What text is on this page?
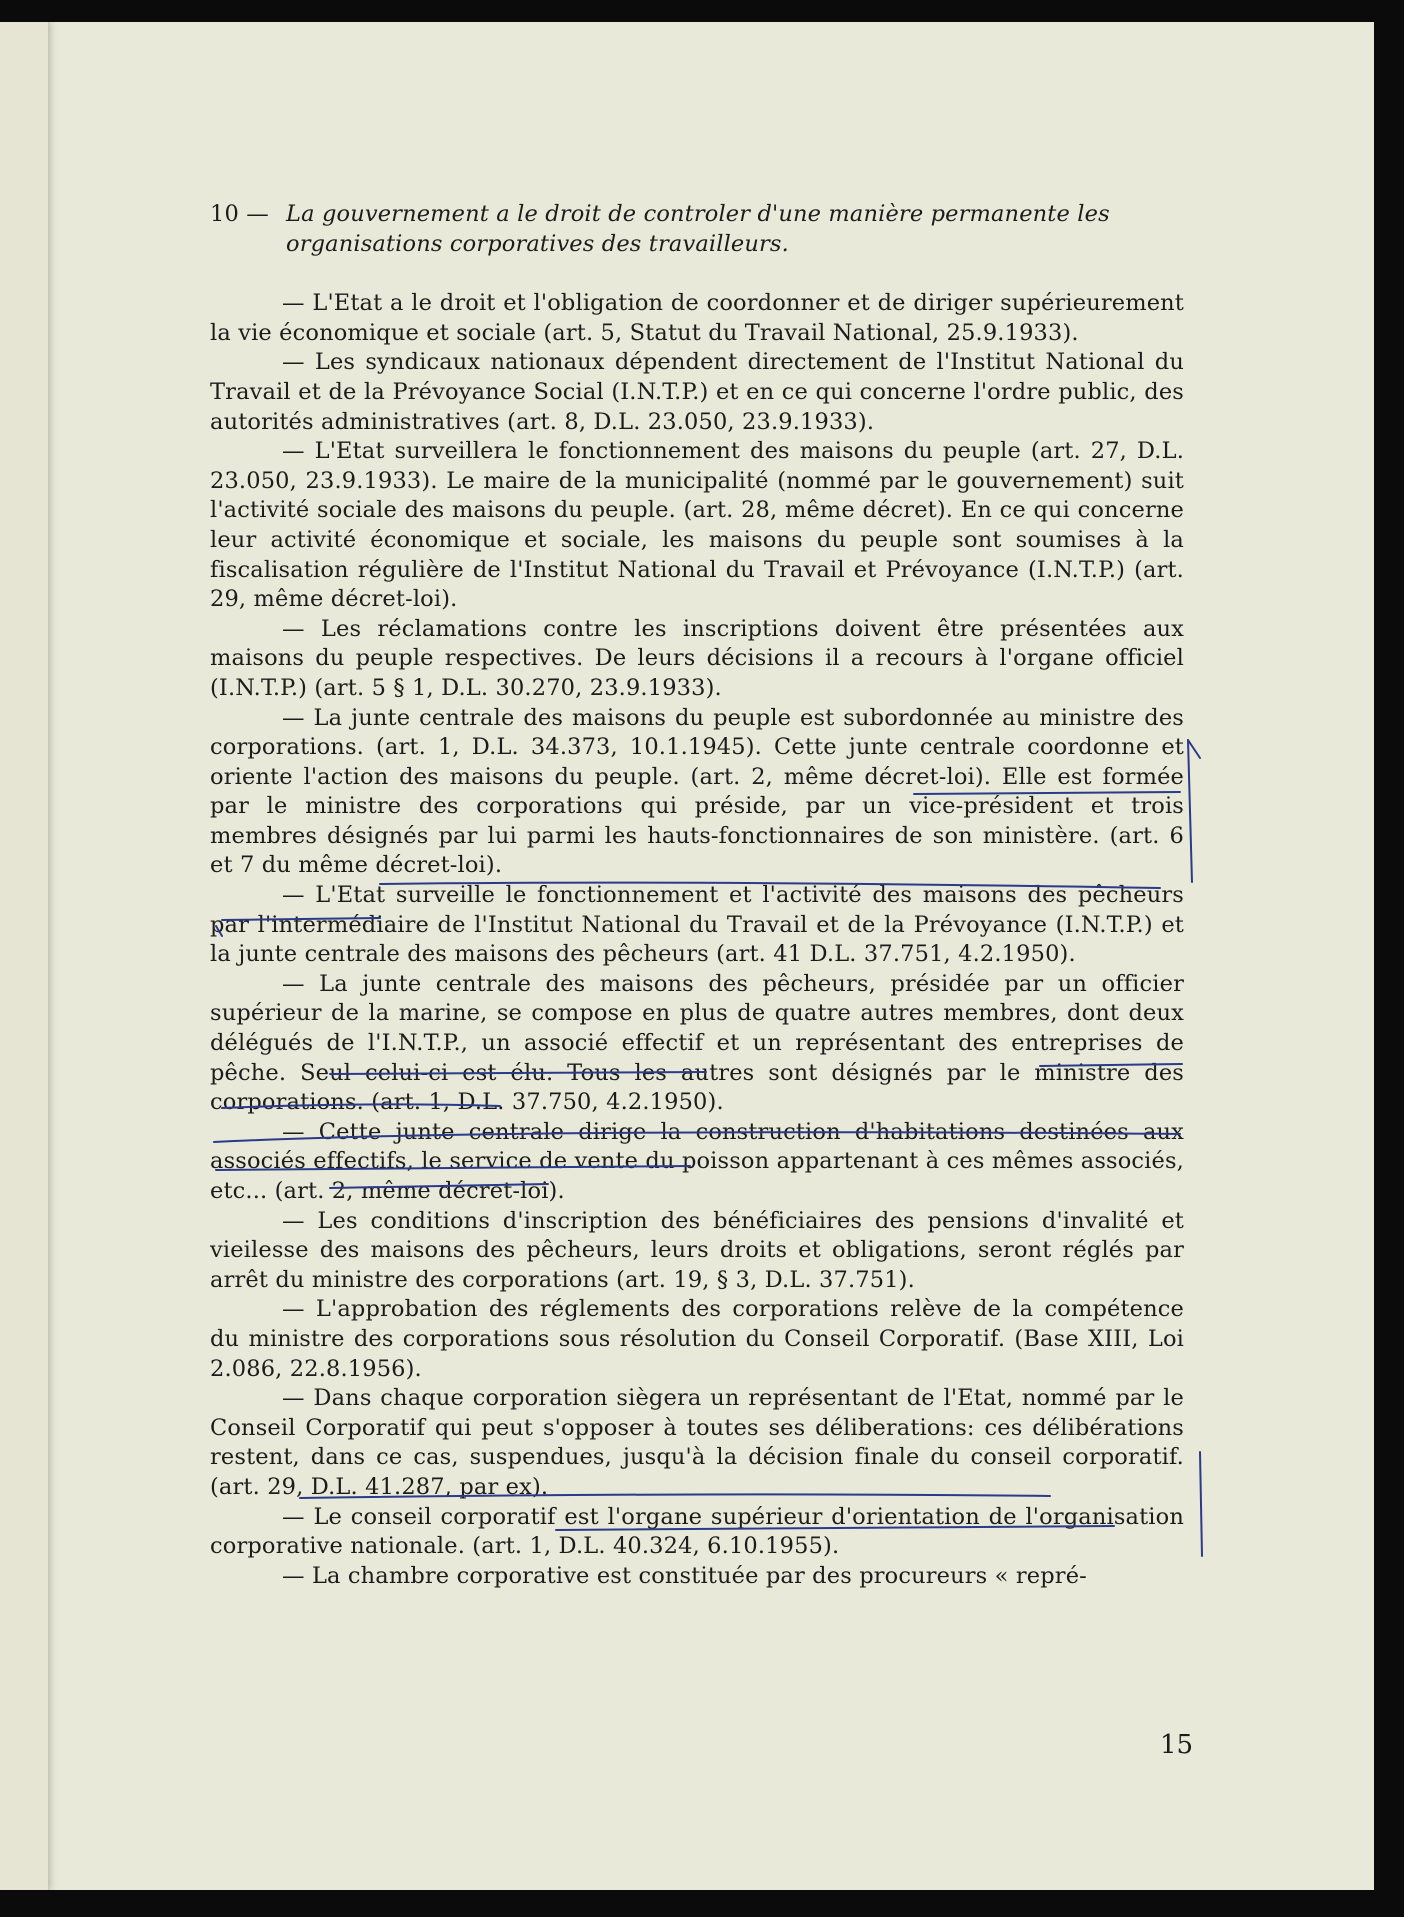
10 — La gouvernement a le droit de controler d'une manière permanente les
organisations corporatives des travailleurs.

— L'Etat a le droit et l'obligation de coordonner et de diriger supérieurement la vie économique et sociale (art. 5, Statut du Travail National, 25.9.1933).

— Les syndicaux nationaux dépendent directement de l'Institut National du Travail et de la Prévoyance Social (I.N.T.P.) et en ce qui concerne l'ordre public, des autorités administratives (art. 8, D.L. 23.050, 23.9.1933).

— L'Etat surveillera le fonctionnement des maisons du peuple (art. 27, D.L. 23.050, 23.9.1933). Le maire de la municipalité (nommé par le gouvernement) suit l'activité sociale des maisons du peuple. (art. 28, même décret). En ce qui concerne leur activité économique et sociale, les maisons du peuple sont soumises à la fiscalisation régulière de l'Institut National du Travail et Prévoyance (I.N.T.P.) (art. 29, même décret-loi).

— Les réclamations contre les inscriptions doivent être présentées aux maisons du peuple respectives. De leurs décisions il a recours à l'organe officiel (I.N.T.P.) (art. 5 § 1, D.L. 30.270, 23.9.1933).

— La junte centrale des maisons du peuple est subordonnée au ministre des corporations. (art. 1, D.L. 34.373, 10.1.1945). Cette junte centrale coordonne et oriente l'action des maisons du peuple. (art. 2, même décret-loi). Elle est formée par le ministre des corporations qui préside, par un vice-président et trois membres désignés par lui parmi les hauts-fonctionnaires de son ministère. (art. 6 et 7 du même décret-loi).

— L'Etat surveille le fonctionnement et l'activité des maisons des pêcheurs par l'intermédiaire de l'Institut National du Travail et de la Prévoyance (I.N.T.P.) et la junte centrale des maisons des pêcheurs (art. 41 D.L. 37.751, 4.2.1950).

— La junte centrale des maisons des pêcheurs, présidée par un officier supérieur de la marine, se compose en plus de quatre autres membres, dont deux délégués de l'I.N.T.P., un associé effectif et un représentant des entreprises de pêche. Seul celui-ci est élu. Tous les autres sont désignés par le ministre des corporations. (art. 1, D.L. 37.750, 4.2.1950).

— Cette junte centrale dirige la construction d'habitations destinées aux associés effectifs, le service de vente du poisson appartenant à ces mêmes associés, etc... (art. 2, même décret-loi).

— Les conditions d'inscription des bénéficiaires des pensions d'invalité et vieilesse des maisons des pêcheurs, leurs droits et obligations, seront réglés par arrêt du ministre des corporations (art. 19, § 3, D.L. 37.751).

— L'approbation des réglements des corporations relève de la compétence du ministre des corporations sous résolution du Conseil Corporatif. (Base XIII, Loi 2.086, 22.8.1956).

— Dans chaque corporation siègera un représentant de l'Etat, nommé par le Conseil Corporatif qui peut s'opposer à toutes ses déliberations: ces délibérations restent, dans ce cas, suspendues, jusqu'à la décision finale du conseil corporatif. (art. 29, D.L. 41.287, par ex).

— Le conseil corporatif est l'organe supérieur d'orientation de l'organisation corporative nationale. (art. 1, D.L. 40.324, 6.10.1955).

— La chambre corporative est constituée par des procureurs « repré-

15
